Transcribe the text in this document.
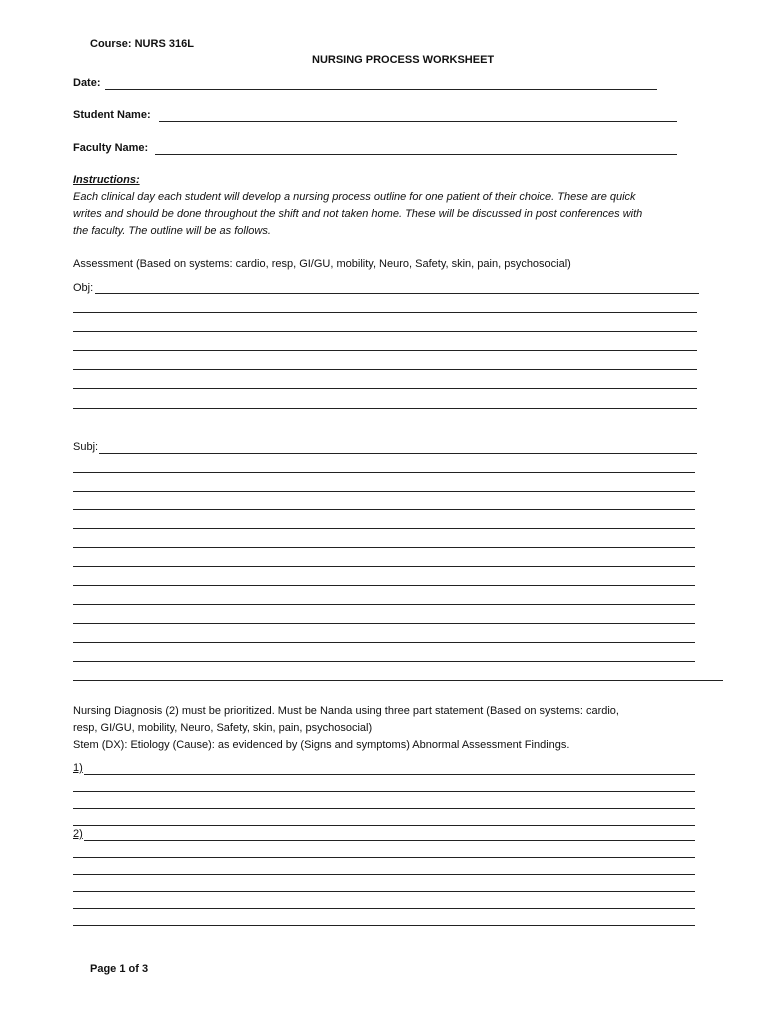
Course: NURS 316L
NURSING PROCESS WORKSHEET
Date:
Student Name:
Faculty Name:
Instructions:
Each clinical day each student will develop a nursing process outline for one patient of their choice. These are quick
writes and should be done throughout the shift and not taken home. These will be discussed in post conferences with
the faculty. The outline will be as follows.
Assessment (Based on systems: cardio, resp, GI/GU, mobility, Neuro, Safety, skin, pain, psychosocial)
Obj:
Subj:
Nursing Diagnosis (2) must be prioritized. Must be Nanda using three part statement (Based on systems: cardio,
resp, GI/GU, mobility, Neuro, Safety, skin, pain, psychosocial)
Stem (DX): Etiology (Cause): as evidenced by (Signs and symptoms) Abnormal Assessment Findings.
1)
2)
Page 1 of 3
